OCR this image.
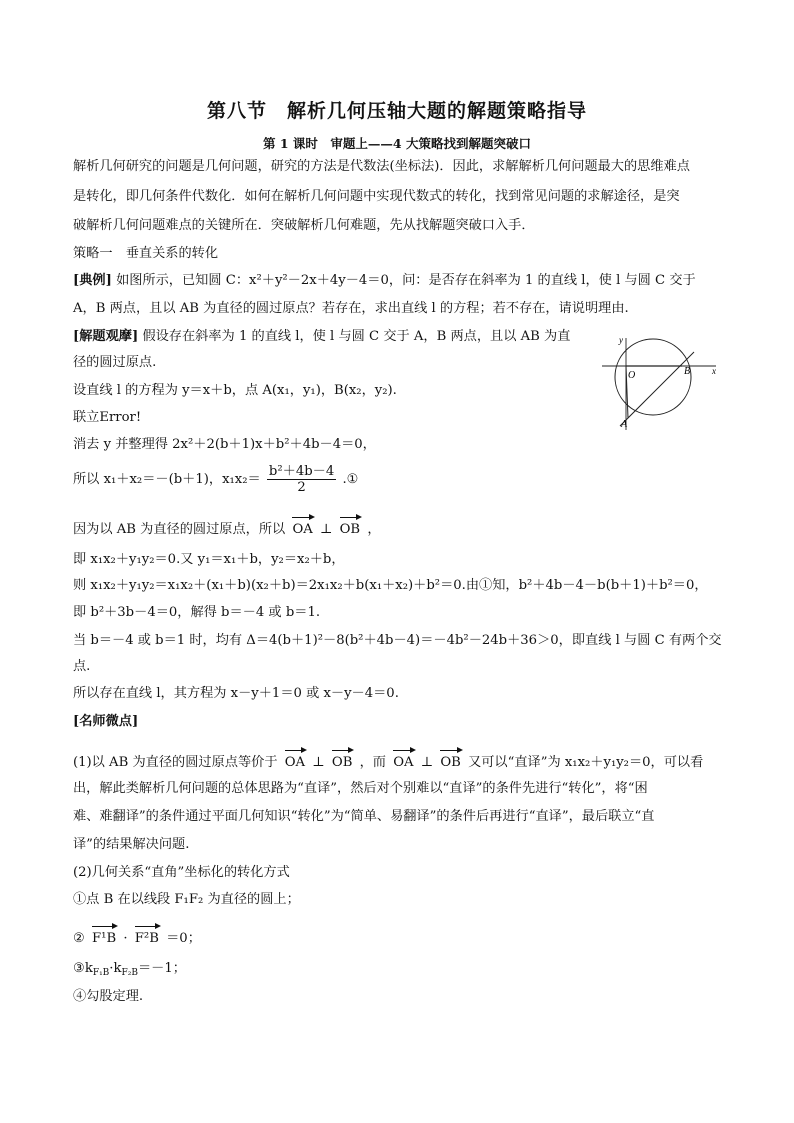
第八节　解析几何压轴大题的解题策略指导
第 1 课时　审题上——4 大策略找到解题突破口
解析几何研究的问题是几何问题，研究的方法是代数法(坐标法)．因此，求解解析几何问题最大的思维难点
是转化，即几何条件代数化．如何在解析几何问题中实现代数式的转化，找到常见问题的求解途径，是突
破解析几何问题难点的关键所在．突破解析几何难题，先从找解题突破口入手．
策略一　垂直关系的转化
[典例] 如图所示，已知圆 C：x²＋y²－2x＋4y－4＝0，问：是否存在斜率为 1 的直线 l，使 l 与圆 C 交于
A，B 两点，且以 AB 为直径的圆过原点？若存在，求出直线 l 的方程；若不存在，请说明理由.
[解题观摩] 假设存在斜率为 1 的直线 l，使 l 与圆 C 交于 A，B 两点，且以 AB 为直
径的圆过原点.
设直线 l 的方程为 y＝x＋b，点 A(x₁，y₁)，B(x₂，y₂).
联立Error!
消去 y 并整理得 2x²＋2(b＋1)x＋b²＋4b－4＝0，
所以 x₁＋x₂＝－(b＋1)，$x_1x_2= \frac{\text{b²＋4b－4}}{2}$ .①
因为以 AB 为直径的圆过原点，所以 OA ⊥ OB ，
即 x₁x₂＋y₁y₂＝0.又 y₁＝x₁＋b，y₂＝x₂＋b，
则 x₁x₂＋y₁y₂＝x₁x₂＋(x₁＋b)(x₂＋b)＝2x₁x₂＋b(x₁＋x₂)＋b²＝0.由①知，b²＋4b－4－b(b＋1)＋b²＝0，
即 b²＋3b－4＝0，解得 b＝－4 或 b＝1.
当 b＝－4 或 b＝1 时，均有 Δ＝4(b＋1)²－8(b²＋4b－4)＝－4b²－24b＋36＞0，即直线 l 与圆 C 有两个交
点.
所以存在直线 l，其方程为 x－y＋1＝0 或 x－y－4＝0.
[名师微点]
(1)以 AB 为直径的圆过原点等价于 OA ⊥ OB ，而 OA ⊥ OB 又可以“直译”为 x₁x₂＋y₁y₂＝0，可以看
出，解此类解析几何问题的总体思路为“直译”，然后对个别难以“直译”的条件先进行“转化”，将“困
难、难翻译”的条件通过平面几何知识“转化”为“简单、易翻译”的条件后再进行“直译”，最后联立“直
译”的结果解决问题.
(2)几何关系“直角”坐标化的转化方式
①点 B 在以线段 F₁F₂ 为直径的圆上；
② F¹B · F²B ＝0；
$③k_{F_1B}\cdot k_{F_2B}=-1$；
④勾股定理.
O	B
A
x
y
